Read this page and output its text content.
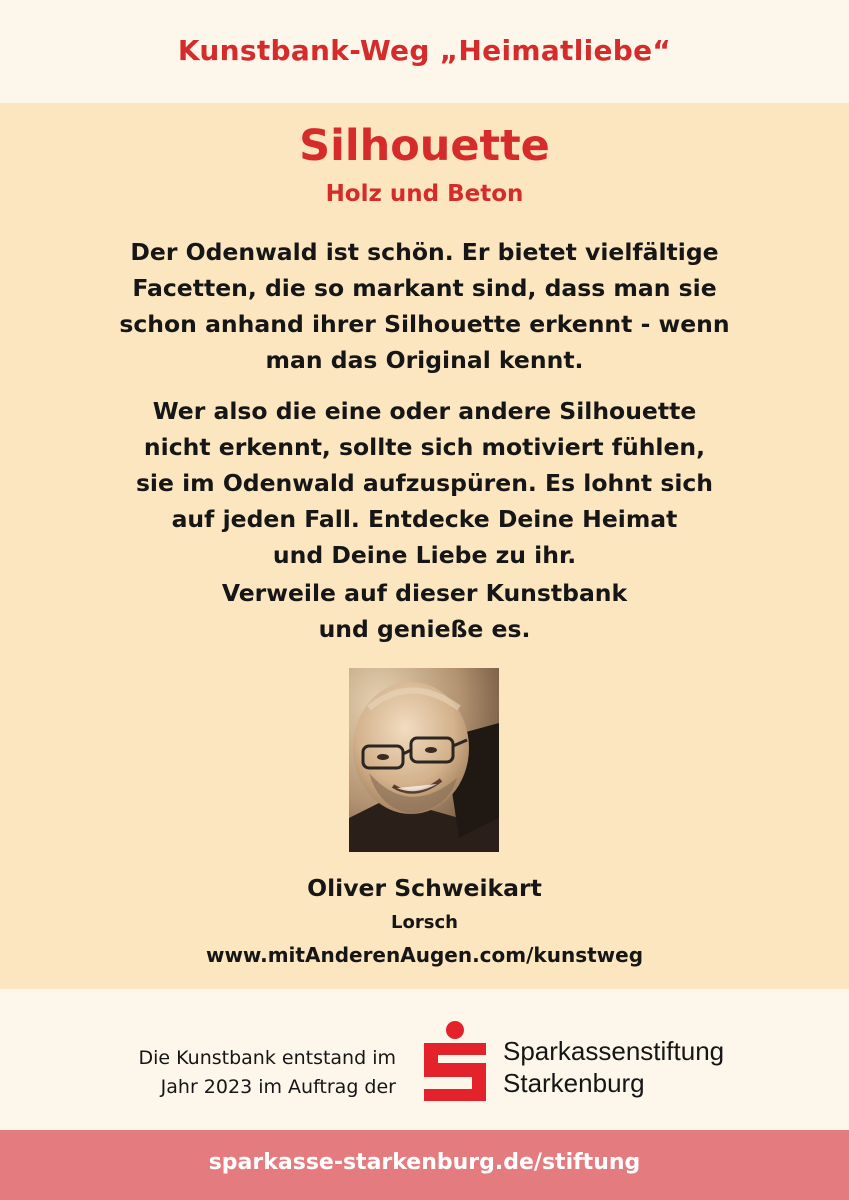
Kunstbank-Weg „Heimatliebe“
Silhouette
Holz und Beton
Der Odenwald ist schön. Er bietet vielfältige
Facetten, die so markant sind, dass man sie
schon anhand ihrer Silhouette erkennt - wenn
man das Original kennt.
Wer also die eine oder andere Silhouette
nicht erkennt, sollte sich motiviert fühlen,
sie im Odenwald aufzuspüren. Es lohnt sich
auf jeden Fall. Entdecke Deine Heimat
und Deine Liebe zu ihr.
Verweile auf dieser Kunstbank
und genieße es.
Oliver Schweikart
Lorsch
www.mitAnderenAugen.com/kunstweg
Die Kunstbank entstand im
Jahr 2023 im Auftrag der
Sparkassenstiftung
Starkenburg
sparkasse-starkenburg.de/stiftung
